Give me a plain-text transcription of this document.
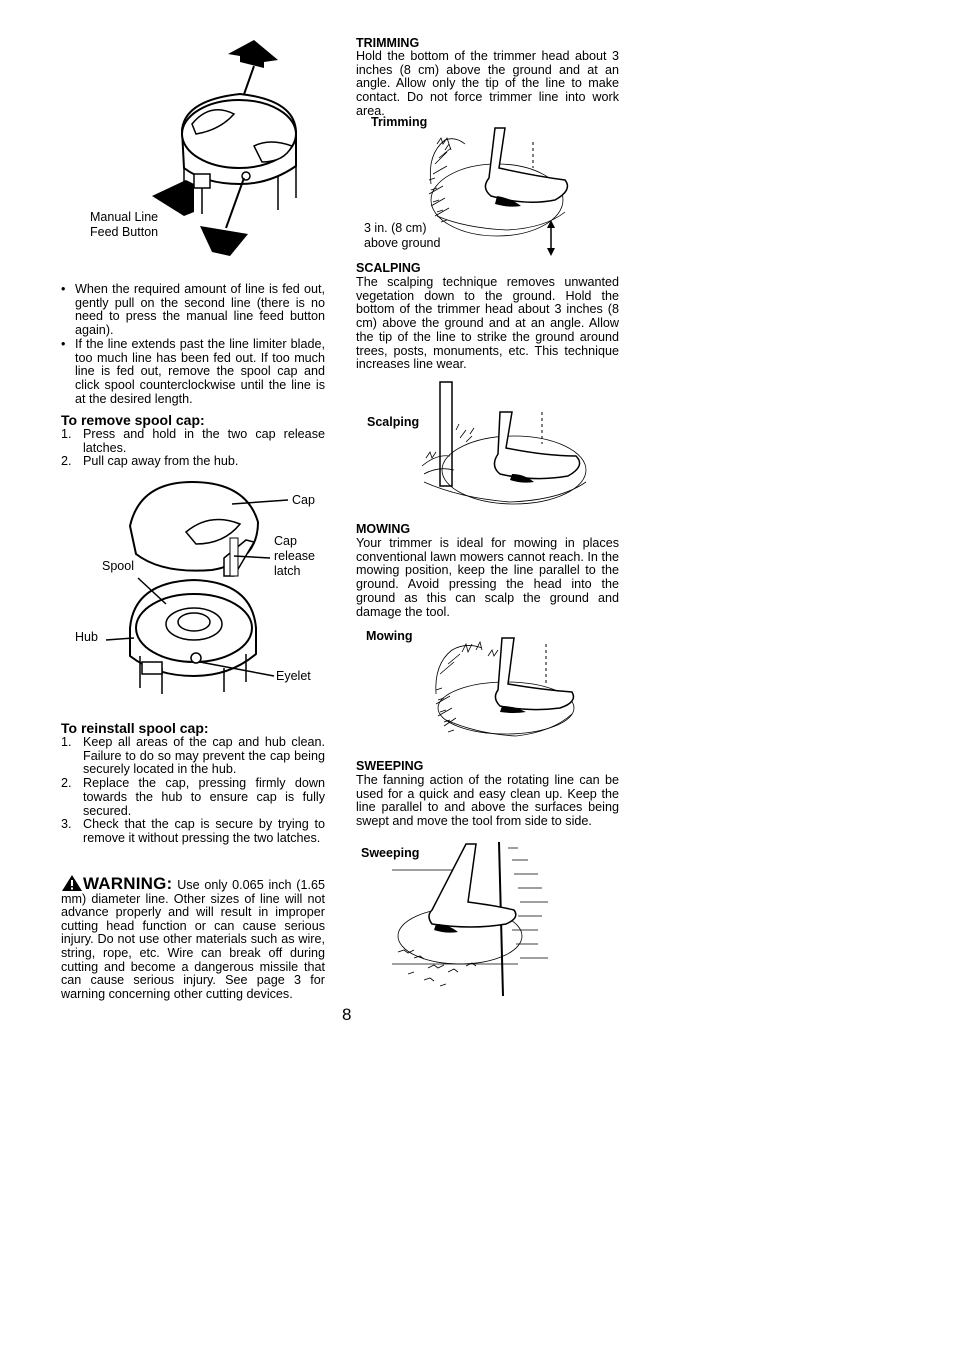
Manual Line
Feed Button
• When the required amount of line is fed out, gently pull on the second line (there is no need to press the manual line feed button again).
• If the line extends past the line limiter blade, too much line has been fed out. If too much line is fed out, remove the spool cap and click spool counterclockwise until the line is at the desired length.
To remove spool cap:
1. Press and hold in the two cap release latches.
2. Pull cap away from the hub.
Cap
Cap
release
latch
Spool
Hub
Eyelet
To reinstall spool cap:
1. Keep all areas of the cap and hub clean. Failure to do so may prevent the cap being securely located in the hub.
2. Replace the cap, pressing firmly down towards the hub to ensure cap is fully secured.
3. Check that the cap is secure by trying to remove it without pressing the two latches.
WARNING: Use only 0.065 inch (1.65 mm) diameter line. Other sizes of line will not advance properly and will result in improper cutting head function or can cause serious injury. Do not use other materials such as wire, string, rope, etc. Wire can break off during cutting and become a dangerous missile that can cause serious injury. See page 3 for warning concerning other cutting devices.
TRIMMING
Hold the bottom of the trimmer head about 3 inches (8 cm) above the ground and at an angle. Allow only the tip of the line to make contact. Do not force trimmer line into work area.
Trimming
3 in. (8 cm)
above ground
SCALPING
The scalping technique removes unwanted vegetation down to the ground. Hold the bottom of the trimmer head about 3 inches (8 cm) above the ground and at an angle. Allow the tip of the line to strike the ground around trees, posts, monuments, etc. This technique increases line wear.
Scalping
MOWING
Your trimmer is ideal for mowing in places conventional lawn mowers cannot reach. In the mowing position, keep the line parallel to the ground. Avoid pressing the head into the ground as this can scalp the ground and damage the tool.
Mowing
SWEEPING
The fanning action of the rotating line can be used for a quick and easy clean up. Keep the line parallel to and above the surfaces being swept and move the tool from side to side.
Sweeping
8
